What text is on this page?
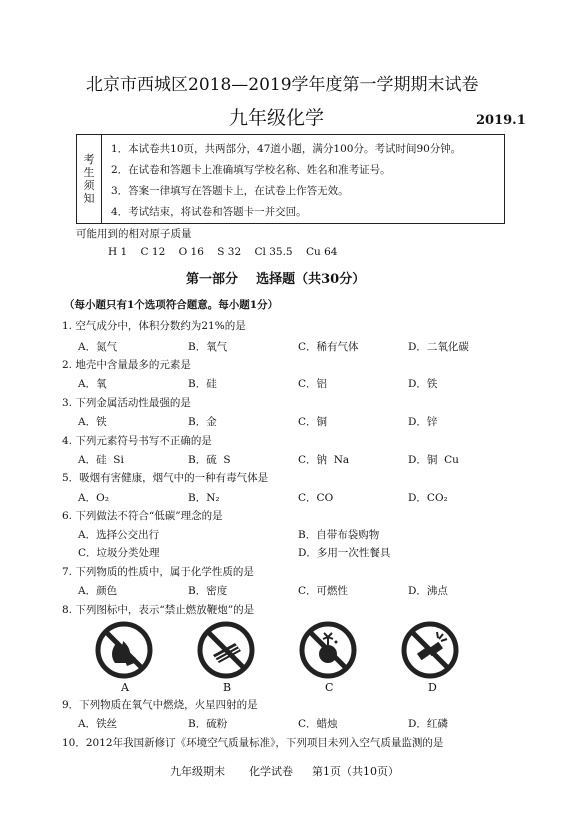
北京市西城区2018—2019学年度第一学期期末试卷
九年级化学	2019.1
考生须知
1．本试卷共10页，共两部分，47道小题，满分100分。考试时间90分钟。
2．在试卷和答题卡上准确填写学校名称、姓名和准考证号。
3．答案一律填写在答题卡上，在试卷上作答无效。
4．考试结束，将试卷和答题卡一并交回。
可能用到的相对原子质量
H 1    C 12    O 16    S 32    Cl 35.5    Cu 64
第一部分    选择题（共30分）
（每小题只有1个选项符合题意。每小题1分）
1. 空气成分中，体积分数约为21%的是
A．氮气	B．氧气	C．稀有气体	D．二氧化碳
2. 地壳中含量最多的元素是
A．氧	B．硅	C．铝	D．铁
3. 下列金属活动性最强的是
A．铁	B．金	C．铜	D．锌
4. 下列元素符号书写不正确的是
A．硅  Si	B．硫  S	C．钠  Na	D．铜  Cu
5．吸烟有害健康，烟气中的一种有毒气体是
A．O₂	B．N₂	C．CO	D．CO₂
6. 下列做法不符合“低碳”理念的是
A．选择公交出行	B．自带布袋购物
C．垃圾分类处理	D．多用一次性餐具
7. 下列物质的性质中，属于化学性质的是
A．颜色	B．密度	C．可燃性	D．沸点
8. 下列图标中，表示“禁止燃放鞭炮”的是
A	B	C	D
9．下列物质在氧气中燃烧，火星四射的是
A．铁丝	B．硫粉	C．蜡烛	D．红磷
10．2012年我国新修订《环境空气质量标准》，下列项目未列入空气质量监测的是
九年级期末 化学试卷 第1页（共10页）
